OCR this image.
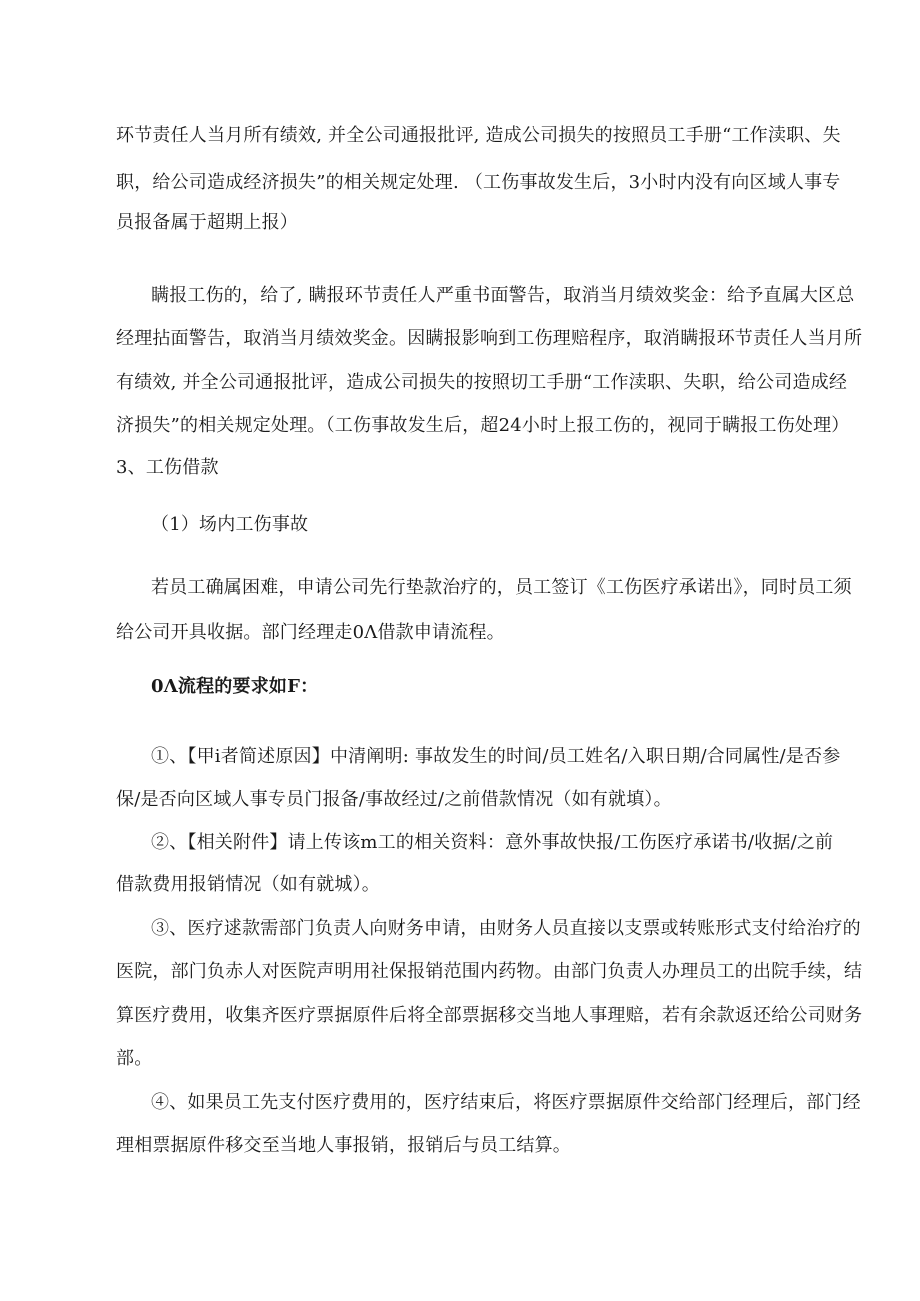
环节责任人当月所有绩效, 并全公司通报批评, 造成公司损失的按照员工手册“工作渎职、失
职，给公司造成经济损失”的相关规定处理. （工伤事故发生后，3小时内没有向区域人事专
员报备属于超期上报）
瞒报工伤的，给了, 瞒报环节责任人严重书面警告，取消当月绩效奖金：给予直属大区总
经理拈面警告，取消当月绩效奖金。因瞒报影响到工伤理赔程序，取消瞒报环节责任人当月所
有绩效, 并全公司通报批评，造成公司损失的按照切工手册“工作渎职、失职，给公司造成经
济损失”的相关规定处理。（工伤事故发生后，超24小时上报工伤的，视同于瞒报工伤处理）
3、工伤借款
（1）场内工伤事故
若员工确属困难，申请公司先行垫款治疗的，员工签订《工伤医疗承诺出》，同时员工须
给公司开具收据。部门经理走0Λ借款申请流程。
0Λ流程的要求如F：
①、【甲i者简述原因】中清阐明: 事故发生的时间/员工姓名/入职日期/合同属性/是否参
保/是否向区域人事专员门报备/事故经过/之前借款情况（如有就填）。
②、【相关附件】请上传该m工的相关资料：意外事故快报/工伤医疗承诺书/收据/之前
借款费用报销情况（如有就城）。
③、医疗逑款需部门负责人向财务申请，由财务人员直接以支票或转账形式支付给治疗的
医院，部门负赤人对医院声明用社保报销范围内药物。由部门负责人办理员工的出院手续，结
算医疗费用，收集齐医疗票据原件后将全部票据移交当地人事理赔，若有余款返还给公司财务
部。
④、如果员工先支付医疗费用的，医疗结束后，将医疗票据原件交给部门经理后，部门经
理相票据原件移交至当地人事报销，报销后与员工结算。
